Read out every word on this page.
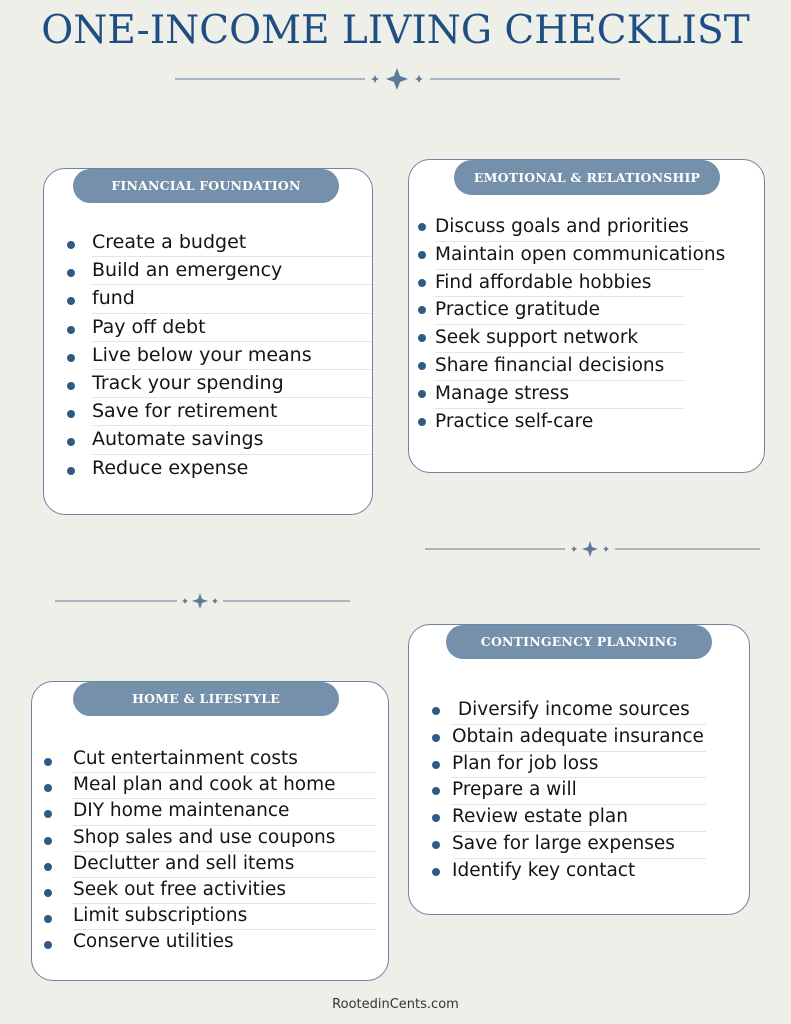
ONE-INCOME LIVING CHECKLIST
FINANCIAL FOUNDATION
Create a budget
Build an emergency
fund
Pay off debt
Live below your means
Track your spending
Save for retirement
Automate savings
Reduce expense
EMOTIONAL & RELATIONSHIP
Discuss goals and priorities
Maintain open communications
Find affordable hobbies
Practice gratitude
Seek support network
Share financial decisions
Manage stress
Practice self-care
CONTINGENCY PLANNING
Diversify income sources
Obtain adequate insurance
Plan for job loss
Prepare a will
Review estate plan
Save for large expenses
Identify key contact
HOME & LIFESTYLE
Cut entertainment costs
Meal plan and cook at home
DIY home maintenance
Shop sales and use coupons
Declutter and sell items
Seek out free activities
Limit subscriptions
Conserve utilities
RootedinCents.com
